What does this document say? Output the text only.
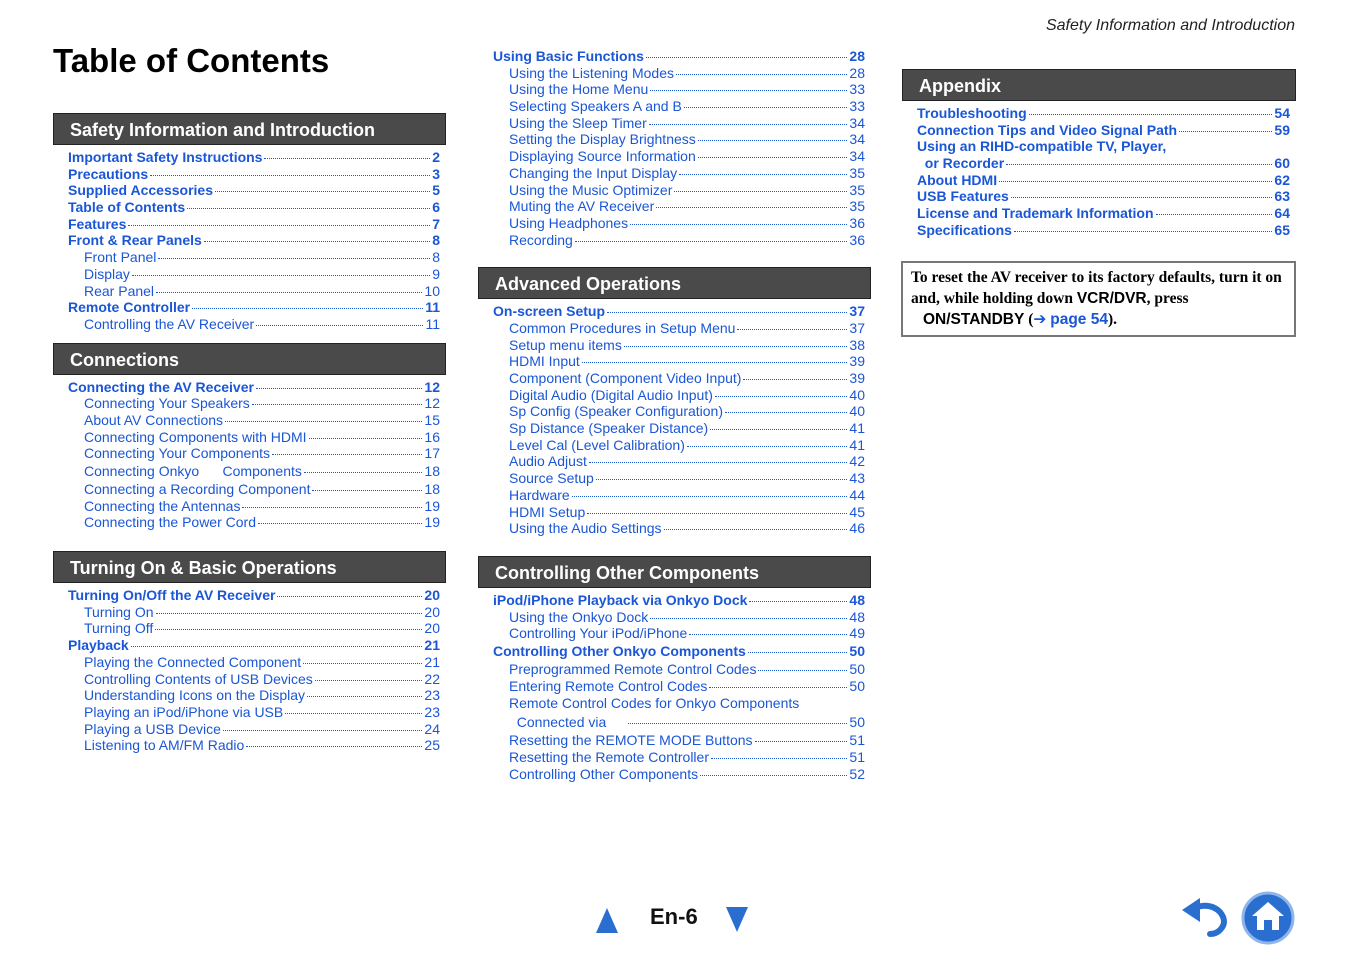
Safety Information and Introduction
Table of Contents
Safety Information and Introduction
Important Safety Instructions	2
Precautions	3
Supplied Accessories	5
Table of Contents	6
Features	7
Front & Rear Panels	8
Front Panel	8
Display	9
Rear Panel	10
Remote Controller	11
Controlling the AV Receiver	11
Connections
Connecting the AV Receiver	12
Connecting Your Speakers	12
About AV Connections	15
Connecting Components with HDMI	16
Connecting Your Components	17
Connecting Onkyo      Components	18
Connecting a Recording Component	18
Connecting the Antennas	19
Connecting the Power Cord	19
Turning On & Basic Operations
Turning On/Off the AV Receiver	20
Turning On	20
Turning Off	20
Playback	21
Playing the Connected Component	21
Controlling Contents of USB Devices	22
Understanding Icons on the Display	23
Playing an iPod/iPhone via USB	23
Playing a USB Device	24
Listening to AM/FM Radio	25
Using Basic Functions	28
Using the Listening Modes	28
Using the Home Menu	33
Selecting Speakers A and B	33
Using the Sleep Timer	34
Setting the Display Brightness	34
Displaying Source Information	34
Changing the Input Display	35
Using the Music Optimizer	35
Muting the AV Receiver	35
Using Headphones	36
Recording	36
Advanced Operations
On-screen Setup	37
Common Procedures in Setup Menu	37
Setup menu items	38
HDMI Input	39
Component (Component Video Input)	39
Digital Audio (Digital Audio Input)	40
Sp Config (Speaker Configuration)	40
Sp Distance (Speaker Distance)	41
Level Cal (Level Calibration)	41
Audio Adjust	42
Source Setup	43
Hardware	44
HDMI Setup	45
Using the Audio Settings	46
Controlling Other Components
iPod/iPhone Playback via Onkyo Dock	48
Using the Onkyo Dock	48
Controlling Your iPod/iPhone	49
Controlling Other Onkyo Components	50
Preprogrammed Remote Control Codes	50
Entering Remote Control Codes	50
Remote Control Codes for Onkyo Components
Connected via	50
Resetting the REMOTE MODE Buttons	51
Resetting the Remote Controller	51
Controlling Other Components	52
Appendix
Troubleshooting	54
Connection Tips and Video Signal Path	59
Using an RIHD-compatible TV, Player,
or Recorder	60
About HDMI	62
USB Features	63
License and Trademark Information	64
Specifications	65
To reset the AV receiver to its factory defaults, turn it on and, while holding down VCR/DVR, press
ON/STANDBY (➔ page 54).
En-6
